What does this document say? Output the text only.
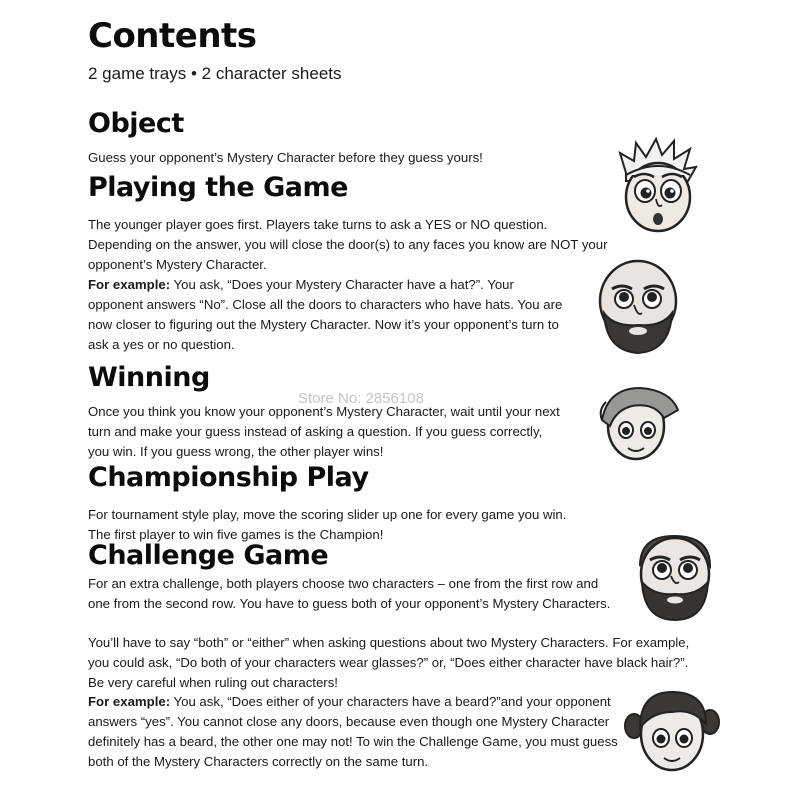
Contents

2 game trays • 2 character sheets

Object

Guess your opponent’s Mystery Character before they guess yours!

Playing the Game

The younger player goes first. Players take turns to ask a YES or NO question. Depending on the answer, you will close the door(s) to any faces you know are NOT your opponent’s Mystery Character.

For example: You ask, “Does your Mystery Character have a hat?”. Your opponent answers “No”. Close all the doors to characters who have hats. You are now closer to figuring out the Mystery Character. Now it’s your opponent’s turn to ask a yes or no question.

Winning

Once you think you know your opponent’s Mystery Character, wait until your next turn and make your guess instead of asking a question. If you guess correctly, you win. If you guess wrong, the other player wins!

Championship Play

For tournament style play, move the scoring slider up one for every game you win. The first player to win five games is the Champion!

Challenge Game

For an extra challenge, both players choose two characters – one from the first row and one from the second row. You have to guess both of your opponent’s Mystery Characters.

You’ll have to say “both” or “either” when asking questions about two Mystery Characters. For example, you could ask, “Do both of your characters wear glasses?” or, “Does either character have black hair?”. Be very careful when ruling out characters!

For example: You ask, “Does either of your characters have a beard?”and your opponent answers “yes”. You cannot close any doors, because even though one Mystery Character definitely has a beard, the other one may not! To win the Challenge Game, you must guess both of the Mystery Characters correctly on the same turn.

Store No: 2856108
